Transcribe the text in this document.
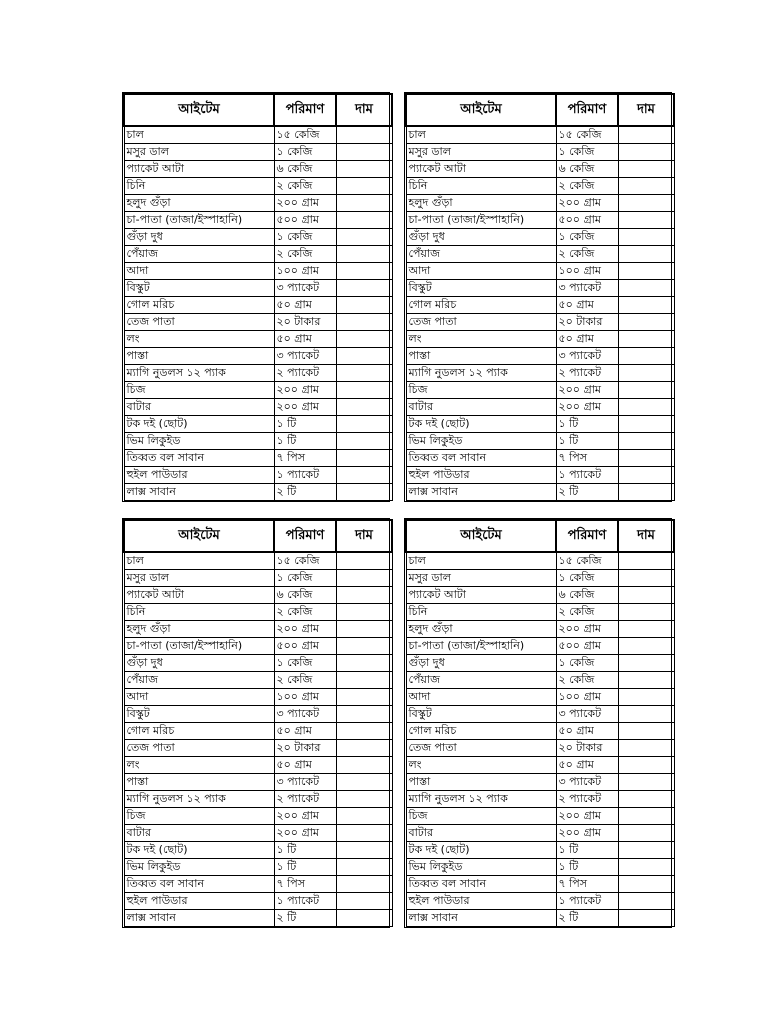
আইটেম	পরিমাণ	দাম
চাল	১৫ কেজি	
মসুর ডাল	১ কেজি	
প্যাকেট আটা	৬ কেজি	
চিনি	২ কেজি	
হলুদ গুঁড়া	২০০ গ্রাম	
চা-পাতা (তাজা/ইস্পাহানি)	৫০০ গ্রাম	
গুঁড়া দুধ	১ কেজি	
পেঁয়াজ	২ কেজি	
আদা	১০০ গ্রাম	
বিস্কুট	৩ প্যাকেট	
গোল মরিচ	৫০ গ্রাম	
তেজ পাতা	২০ টাকার	
লং	৫০ গ্রাম	
পাস্তা	৩ প্যাকেট	
ম্যাগি নুডলস ১২ প্যাক	২ প্যাকেট	
চিজ	২০০ গ্রাম	
বাটার	২০০ গ্রাম	
টক দই (ছোট)	১ টি	
ভিম লিকুইড	১ টি	
তিব্বত বল সাবান	৭ পিস	
হুইল পাউডার	১ প্যাকেট	
লাক্স সাবান	২ টি	
আইটেম	পরিমাণ	দাম
চাল	১৫ কেজি	
মসুর ডাল	১ কেজি	
প্যাকেট আটা	৬ কেজি	
চিনি	২ কেজি	
হলুদ গুঁড়া	২০০ গ্রাম	
চা-পাতা (তাজা/ইস্পাহানি)	৫০০ গ্রাম	
গুঁড়া দুধ	১ কেজি	
পেঁয়াজ	২ কেজি	
আদা	১০০ গ্রাম	
বিস্কুট	৩ প্যাকেট	
গোল মরিচ	৫০ গ্রাম	
তেজ পাতা	২০ টাকার	
লং	৫০ গ্রাম	
পাস্তা	৩ প্যাকেট	
ম্যাগি নুডলস ১২ প্যাক	২ প্যাকেট	
চিজ	২০০ গ্রাম	
বাটার	২০০ গ্রাম	
টক দই (ছোট)	১ টি	
ভিম লিকুইড	১ টি	
তিব্বত বল সাবান	৭ পিস	
হুইল পাউডার	১ প্যাকেট	
লাক্স সাবান	২ টি	
আইটেম	পরিমাণ	দাম
চাল	১৫ কেজি	
মসুর ডাল	১ কেজি	
প্যাকেট আটা	৬ কেজি	
চিনি	২ কেজি	
হলুদ গুঁড়া	২০০ গ্রাম	
চা-পাতা (তাজা/ইস্পাহানি)	৫০০ গ্রাম	
গুঁড়া দুধ	১ কেজি	
পেঁয়াজ	২ কেজি	
আদা	১০০ গ্রাম	
বিস্কুট	৩ প্যাকেট	
গোল মরিচ	৫০ গ্রাম	
তেজ পাতা	২০ টাকার	
লং	৫০ গ্রাম	
পাস্তা	৩ প্যাকেট	
ম্যাগি নুডলস ১২ প্যাক	২ প্যাকেট	
চিজ	২০০ গ্রাম	
বাটার	২০০ গ্রাম	
টক দই (ছোট)	১ টি	
ভিম লিকুইড	১ টি	
তিব্বত বল সাবান	৭ পিস	
হুইল পাউডার	১ প্যাকেট	
লাক্স সাবান	২ টি	
আইটেম	পরিমাণ	দাম
চাল	১৫ কেজি	
মসুর ডাল	১ কেজি	
প্যাকেট আটা	৬ কেজি	
চিনি	২ কেজি	
হলুদ গুঁড়া	২০০ গ্রাম	
চা-পাতা (তাজা/ইস্পাহানি)	৫০০ গ্রাম	
গুঁড়া দুধ	১ কেজি	
পেঁয়াজ	২ কেজি	
আদা	১০০ গ্রাম	
বিস্কুট	৩ প্যাকেট	
গোল মরিচ	৫০ গ্রাম	
তেজ পাতা	২০ টাকার	
লং	৫০ গ্রাম	
পাস্তা	৩ প্যাকেট	
ম্যাগি নুডলস ১২ প্যাক	২ প্যাকেট	
চিজ	২০০ গ্রাম	
বাটার	২০০ গ্রাম	
টক দই (ছোট)	১ টি	
ভিম লিকুইড	১ টি	
তিব্বত বল সাবান	৭ পিস	
হুইল পাউডার	১ প্যাকেট	
লাক্স সাবান	২ টি	
